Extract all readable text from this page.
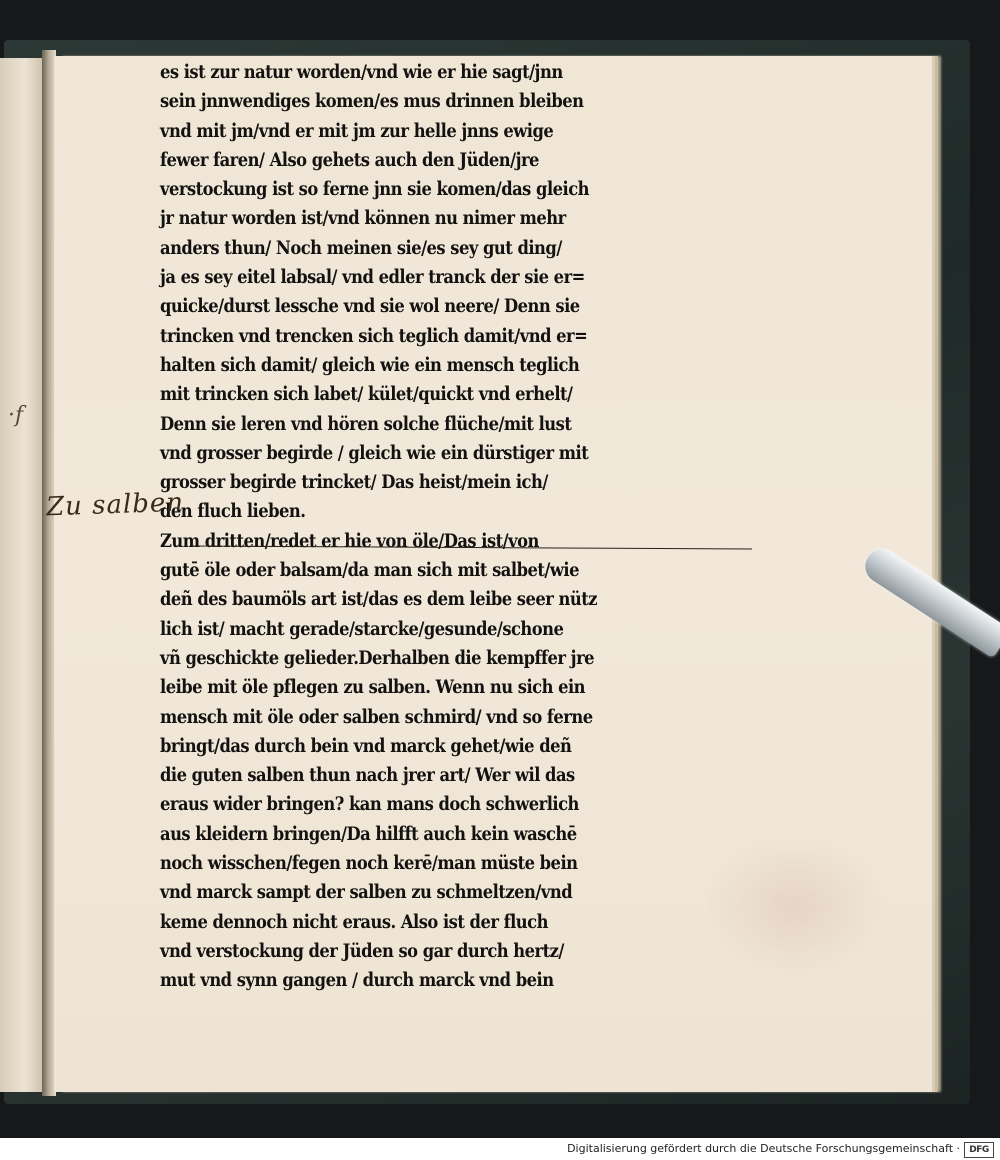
·f
es ist zur natur worden/vnd wie er hie sagt/jnn
sein jnnwendiges komen/es mus drinnen bleiben
vnd mit jm/vnd er mit jm zur helle jnns ewige
fewer faren/ Also gehets auch den Jüden/jre
verstockung ist so ferne jnn sie komen/das gleich
jr natur worden ist/vnd können nu nimer mehr
anders thun/ Noch meinen sie/es sey gut ding/
ja es sey eitel labsal/ vnd edler tranck der sie er=
quicke/durst lessche vnd sie wol neere/ Denn sie
trincken vnd trencken sich teglich damit/vnd er=
halten sich damit/ gleich wie ein mensch teglich
mit trincken sich labet/ kület/quickt vnd erhelt/
Denn sie leren vnd hören solche flüche/mit lust
vnd grosser begirde / gleich wie ein dürstiger mit
grosser begirde trincket/ Das heist/mein ich/
den fluch lieben.
Zum dritten/redet er hie von öle/Das ist/von
gutē öle oder balsam/da man sich mit salbet/wie
deñ des baumöls art ist/das es dem leibe seer nütz
lich ist/ macht gerade/starcke/gesunde/schone
vñ geschickte gelieder.Derhalben die kempffer jre
leibe mit öle pflegen zu salben. Wenn nu sich ein
mensch mit öle oder salben schmird/ vnd so ferne
bringt/das durch bein vnd marck gehet/wie deñ
die guten salben thun nach jrer art/ Wer wil das
eraus wider bringen? kan mans doch schwerlich
aus kleidern bringen/Da hilfft auch kein waschē
noch wisschen/fegen noch kerē/man müste bein
vnd marck sampt der salben zu schmeltzen/vnd
keme dennoch nicht eraus. Also ist der fluch
vnd verstockung der Jüden so gar durch hertz/
mut vnd synn gangen / durch marck vnd bein
Zu salben
Digitalisierung gefördert durch die Deutsche Forschungsgemeinschaft ·	DFG
